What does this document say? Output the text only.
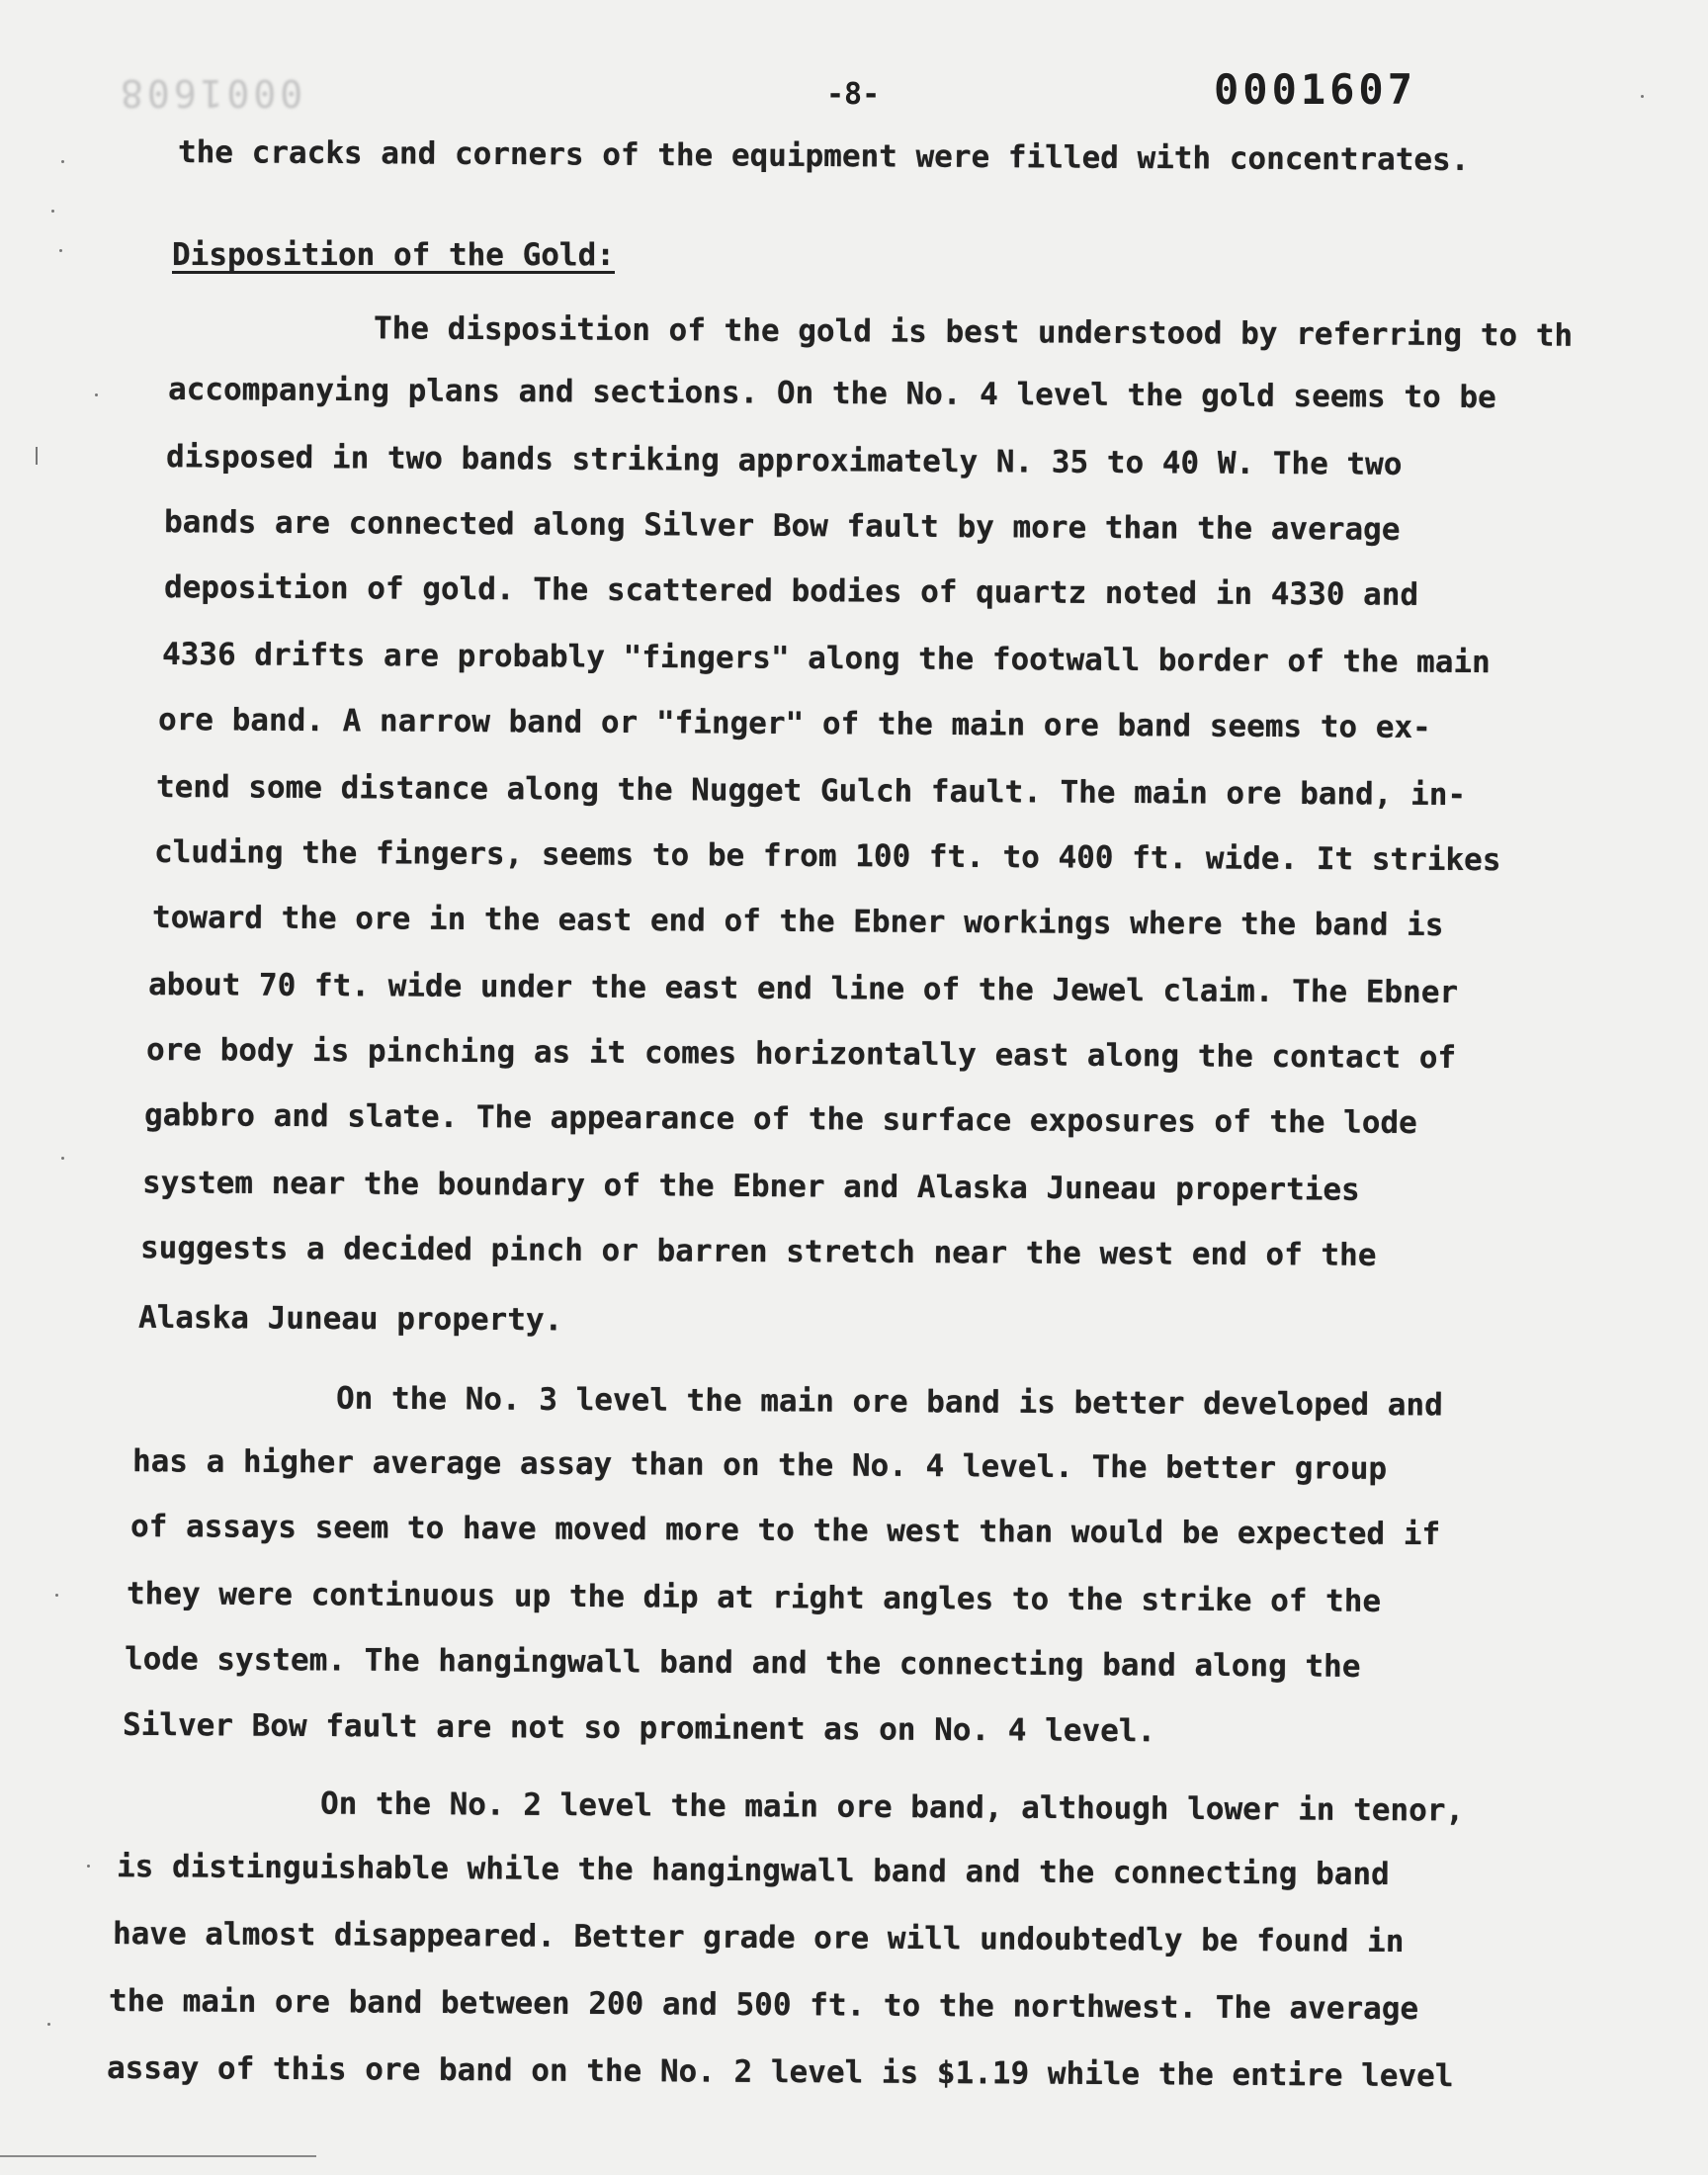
0001608	-8-	0001607
the cracks and corners of the equipment were filled with concentrates.
Disposition of the Gold:
The disposition of the gold is best understood by referring to th
accompanying plans and sections. On the No. 4 level the gold seems to be
disposed in two bands striking approximately N. 35 to 40 W. The two
bands are connected along Silver Bow fault by more than the average
deposition of gold. The scattered bodies of quartz noted in 4330 and
4336 drifts are probably "fingers" along the footwall border of the main
ore band. A narrow band or "finger" of the main ore band seems to ex-
tend some distance along the Nugget Gulch fault. The main ore band, in-
cluding the fingers, seems to be from 100 ft. to 400 ft. wide. It strikes
toward the ore in the east end of the Ebner workings where the band is
about 70 ft. wide under the east end line of the Jewel claim. The Ebner
ore body is pinching as it comes horizontally east along the contact of
gabbro and slate. The appearance of the surface exposures of the lode
system near the boundary of the Ebner and Alaska Juneau properties
suggests a decided pinch or barren stretch near the west end of the
Alaska Juneau property.
On the No. 3 level the main ore band is better developed and
has a higher average assay than on the No. 4 level. The better group
of assays seem to have moved more to the west than would be expected if
they were continuous up the dip at right angles to the strike of the
lode system. The hangingwall band and the connecting band along the
Silver Bow fault are not so prominent as on No. 4 level.
On the No. 2 level the main ore band, although lower in tenor,
is distinguishable while the hangingwall band and the connecting band
have almost disappeared. Better grade ore will undoubtedly be found in
the main ore band between 200 and 500 ft. to the northwest. The average
assay of this ore band on the No. 2 level is $1.19 while the entire level
